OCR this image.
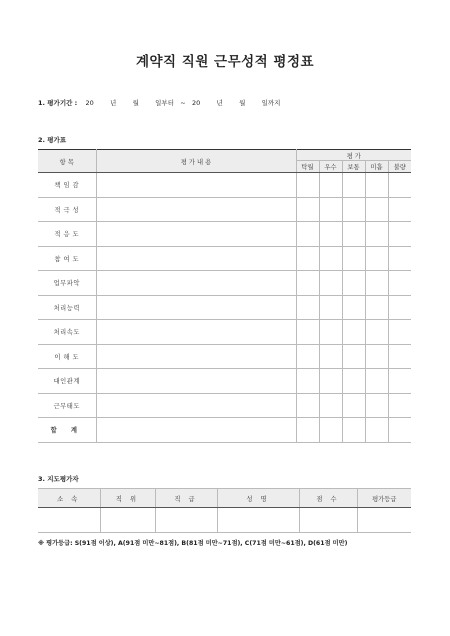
계약직 직원 근무성적 평정표
1. 평가기간 : 20	년	월	일부터 ~ 20	년	월	일까지
2. 평가표
항 목	평 가 내 용	평 가				
		탁월	우수	보통	미흡	불량
책 임 감						
적 극 성						
적 응 도						
참 여 도						
업무파악						
처리능력						
처리속도						
이 해 도						
대인관계						
근무태도						
합 계						
3. 지도평가자
소 속	직 위	직 급	성 명	점 수	평가등급

※ 평가등급: S(91점 이상), A(91점 미만~81점), B(81점 미만~71점), C(71점 미만~61점), D(61점 미만)
